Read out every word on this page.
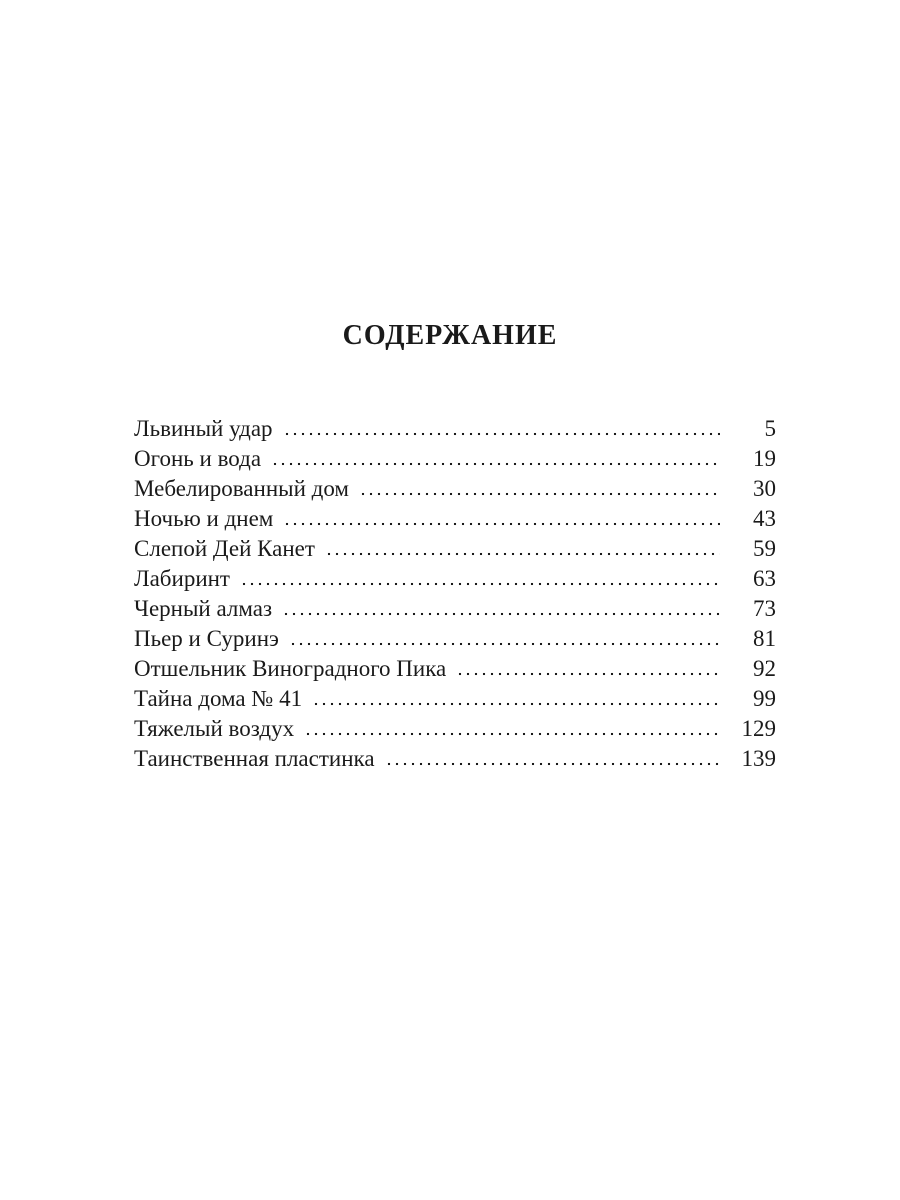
СОДЕРЖАНИЕ
Львиный удар	5
Огонь и вода	19
Мебелированный дом	30
Ночью и днем	43
Слепой Дей Канет	59
Лабиринт	63
Черный алмаз	73
Пьер и Суринэ	81
Отшельник Виноградного Пика	92
Тайна дома № 41	99
Тяжелый воздух	129
Таинственная пластинка	139
